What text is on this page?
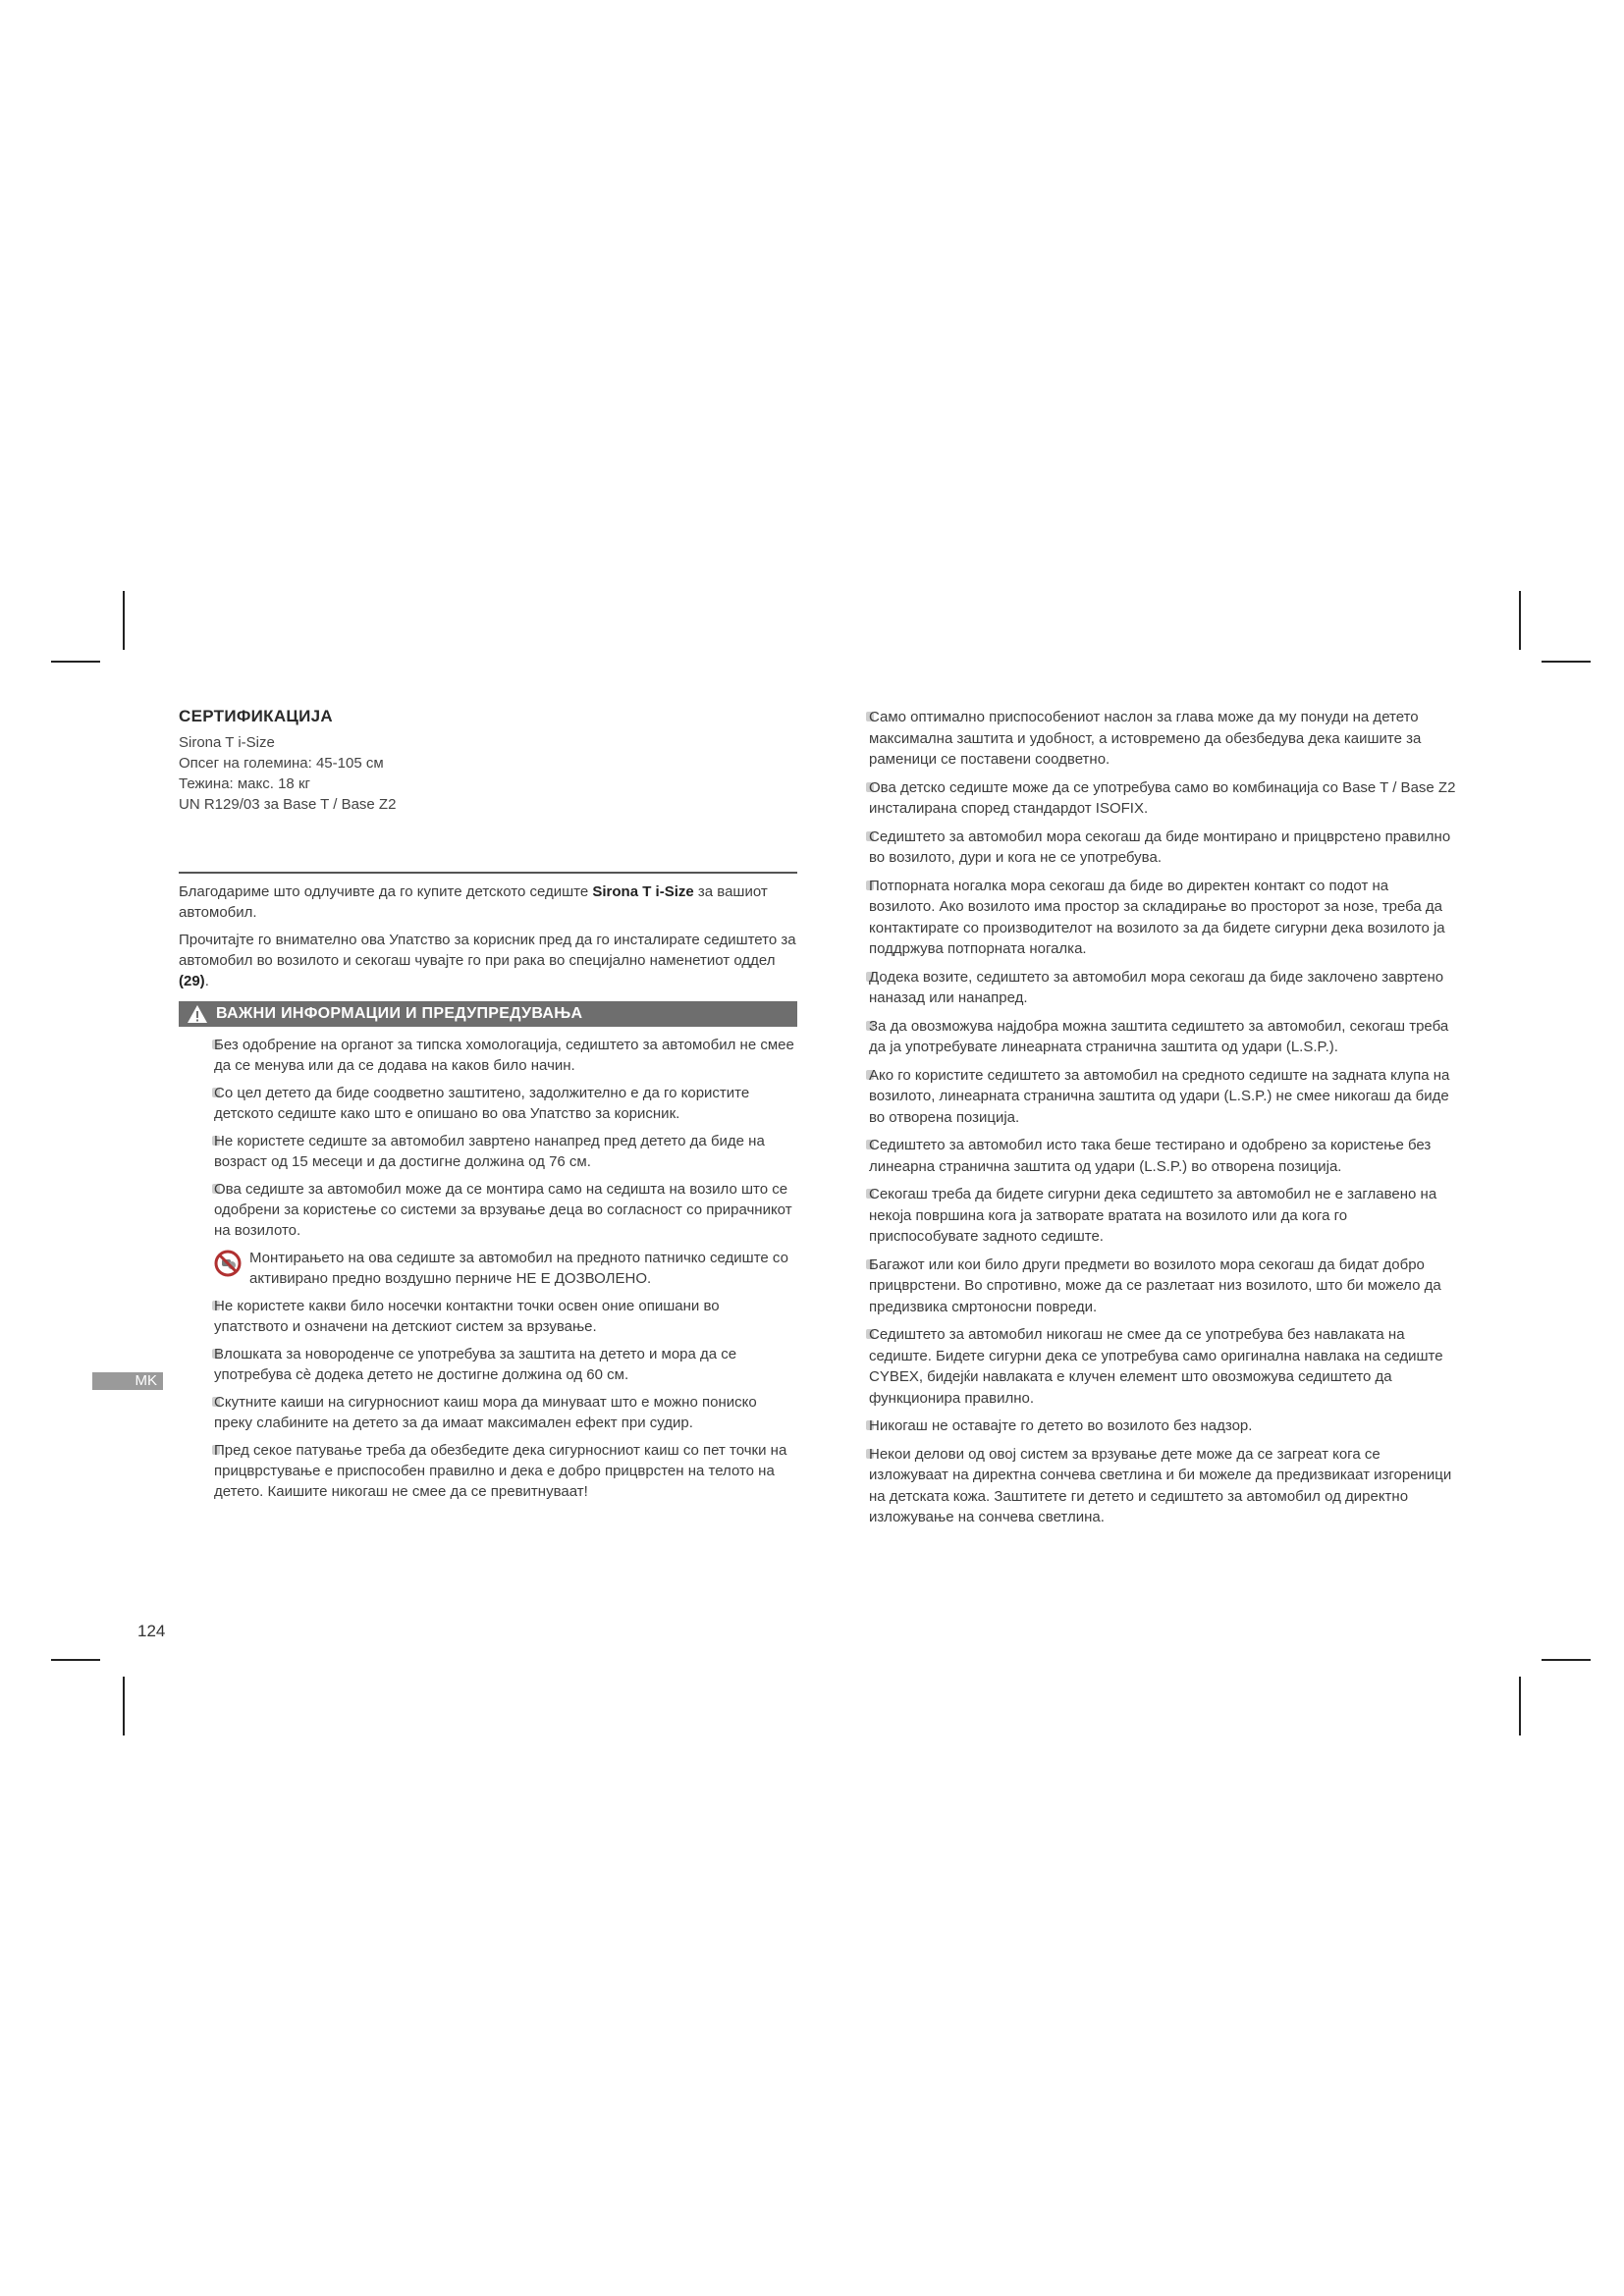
СЕРТИФИКАЦИЈА
Sirona T i-Size
Опсег на големина: 45-105 см
Тежина: макс. 18 кг
UN R129/03 за Base T / Base Z2

Благодариме што одлучивте да го купите детското седиште Sirona T i-Size за вашиот автомобил.

Прочитајте го внимателно ова Упатство за корисник пред да го инсталирате седиштето за автомобил во возилото и секогаш чувајте го при рака во специјално наменетиот оддел (29).

ВАЖНИ ИНФОРМАЦИИ И ПРЕДУПРЕДУВАЊА

Без одобрение на органот за типска хомологација, седиштето за автомобил не смее да се менува или да се додава на каков било начин.

Со цел детето да биде соодветно заштитено, задолжително е да го користите детското седиште како што е опишано во ова Упатство за корисник.

Не користете седиште за автомобил завртено нанапред пред детето да биде на возраст од 15 месеци и да достигне должина од 76 см.

Ова седиште за автомобил може да се монтира само на седишта на возило што се одобрени за користење со системи за врзување деца во согласност со прирачникот на возилото.

Монтирањето на ова седиште за автомобил на предното патничко седиште со активирано предно воздушно перниче НЕ Е ДОЗВОЛЕНО.

Не користете какви било носечки контактни точки освен оние опишани во упатството и означени на детскиот систем за врзување.

Влошката за новороденче се употребува за заштита на детето и мора да се употребува сè додека детето не достигне должина од 60 см.

Скутните каиши на сигурносниот каиш мора да минуваат што е можно пониско преку слабините на детето за да имаат максимален ефект при судир.

Пред секое патување треба да обезбедите дека сигурносниот каиш со пет точки на прицврстување е приспособен правилно и дека е добро прицврстен на телото на детето. Каишите никогаш не смее да се превитнуваат!

Само оптимално приспособениот наслон за глава може да му понуди на детето максимална заштита и удобност, а истовремено да обезбедува дека каишите за раменици се поставени соодветно.

Ова детско седиште може да се употребува само во комбинација со Base T / Base Z2 инсталирана според стандардот ISOFIX.

Седиштето за автомобил мора секогаш да биде монтирано и прицврстено правилно во возилото, дури и кога не се употребува.

Потпорната ногалка мора секогаш да биде во директен контакт со подот на возилото. Ако возилото има простор за складирање во просторот за нозе, треба да контактирате со производителот на возилото за да бидете сигурни дека возилото ја поддржува потпорната ногалка.

Додека возите, седиштето за автомобил мора секогаш да биде заклочено завртено наназад или нанапред.

За да овозможува најдобра можна заштита седиштето за автомобил, секогаш треба да ја употребувате линеарната странична заштита од удари (L.S.P.).

Ако го користите седиштето за автомобил на средното седиште на задната клупа на возилото, линеарната странична заштита од удари (L.S.P.) не смее никогаш да биде во отворена позиција.

Седиштето за автомобил исто така беше тестирано и одобрено за користење без линеарна странична заштита од удари (L.S.P.) во отворена позиција.

Секогаш треба да бидете сигурни дека седиштето за автомобил не е заглавено на некоја површина кога ја затворате вратата на возилото или да кога го приспособувате задното седиште.

Багажот или кои било други предмети во возилото мора секогаш да бидат добро прицврстени. Во спротивно, може да се разлетаат низ возилото, што би можело да предизвика смртоносни повреди.

Седиштето за автомобил никогаш не смее да се употребува без навлаката на седиште. Бидете сигурни дека се употребува само оригинална навлака на седиште CYBEX, бидејќи навлаката е клучен елемент што овозможува седиштето да функционира правилно.

Никогаш не оставајте го детето во возилото без надзор.

Некои делови од овој систем за врзување дете може да се загреат кога се изложуваат на директна сончева светлина и би можеле да предизвикаат изгореници на детската кожа. Заштитете ги детето и седиштето за автомобил од директно изложување на сончева светлина.

MK
124
